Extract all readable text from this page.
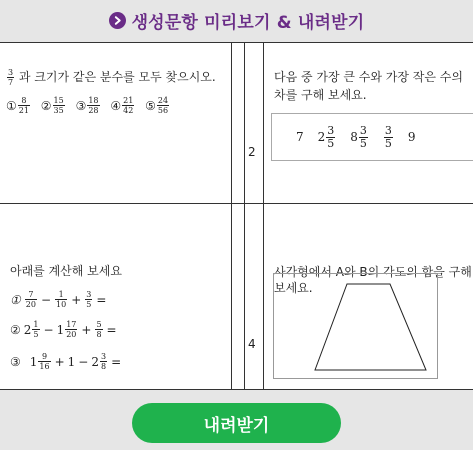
생성문항 미리보기 & 내려받기
2
4
$\frac{3}{7}$ 과 크기가 같은 분수를 모두 찾으시오.
① $\frac{8}{21}$
② $\frac{15}{35}$
③ $\frac{18}{28}$
④ $\frac{21}{42}$
⑤ $\frac{24}{56}$
다음 중 가장 큰 수와 가장 작은 수의 차를 구해 보세요.
7 $2 \frac{3}{5} 8 \frac{3}{5} \frac{3}{5} 9$
아래를 계산해 보세요
① $\frac{7}{20} - \frac{1}{10} + \frac{3}{5}$ =
② $2 \frac{1}{5} - 1 \frac{17}{20} + \frac{5}{8}$ =
③ $1 \frac{9}{16} + 1 - 2 \frac{3}{8}$ =
사각형에서 A와 B의 각도의 합을 구해 보세요.
내려받기
